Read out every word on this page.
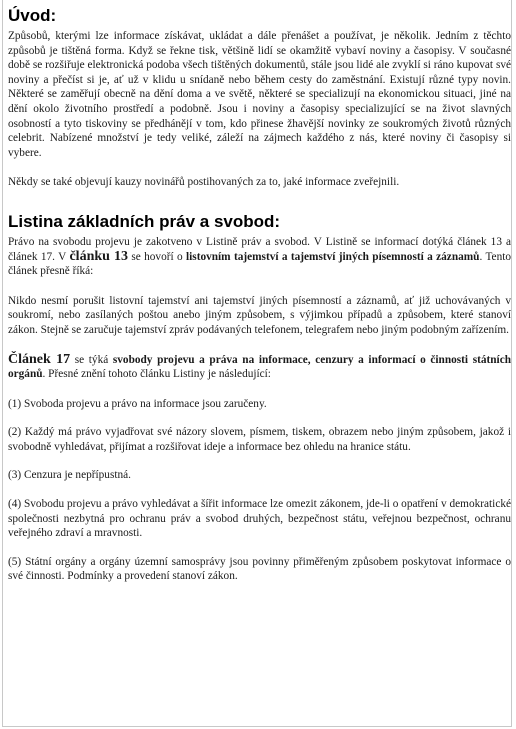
Úvod:

Způsobů, kterými lze informace získávat, ukládat a dále přenášet a používat, je několik. Jedním z těchto způsobů je tištěná forma. Když se řekne tisk, většině lidí se okamžitě vybaví noviny a časopisy. V současné době se rozšiřuje elektronická podoba všech tištěných dokumentů, stále jsou lidé ale zvyklí si ráno kupovat své noviny a přečíst si je, ať už v klidu u snídaně nebo během cesty do zaměstnání. Existují různé typy novin. Některé se zaměřují obecně na dění doma a ve světě, některé se specializují na ekonomickou situaci, jiné na dění okolo životního prostředí a podobně. Jsou i noviny a časopisy specializující se na život slavných osobností a tyto tiskoviny se předhánějí v tom, kdo přinese žhavější novinky ze soukromých životů různých celebrit. Nabízené množství je tedy veliké, záleží na zájmech každého z nás, které noviny či časopisy si vybere.

Někdy se také objevují kauzy novinářů postihovaných za to, jaké informace zveřejnili.

Listina základních práv a svobod:

Právo na svobodu projevu je zakotveno v Listině práv a svobod. V Listině se informací dotýká článek 13 a článek 17. V článku 13 se hovoří o listovním tajemství a tajemství jiných písemností a záznamů. Tento článek přesně říká:

Nikdo nesmí porušit listovní tajemství ani tajemství jiných písemností a záznamů, ať již uchovávaných v soukromí, nebo zasílaných poštou anebo jiným způsobem, s výjimkou případů a způsobem, které stanoví zákon. Stejně se zaručuje tajemství zpráv podávaných telefonem, telegrafem nebo jiným podobným zařízením.

Článek 17 se týká svobody projevu a práva na informace, cenzury a informací o činnosti státních orgánů. Přesné znění tohoto článku Listiny je následující:

(1) Svoboda projevu a právo na informace jsou zaručeny.

(2) Každý má právo vyjadřovat své názory slovem, písmem, tiskem, obrazem nebo jiným způsobem, jakož i svobodně vyhledávat, přijímat a rozšiřovat ideje a informace bez ohledu na hranice státu.

(3) Cenzura je nepřípustná.

(4) Svobodu projevu a právo vyhledávat a šířit informace lze omezit zákonem, jde-li o opatření v demokratické společnosti nezbytná pro ochranu práv a svobod druhých, bezpečnost státu, veřejnou bezpečnost, ochranu veřejného zdraví a mravnosti.

(5) Státní orgány a orgány územní samosprávy jsou povinny přiměřeným způsobem poskytovat informace o své činnosti. Podmínky a provedení stanoví zákon.
